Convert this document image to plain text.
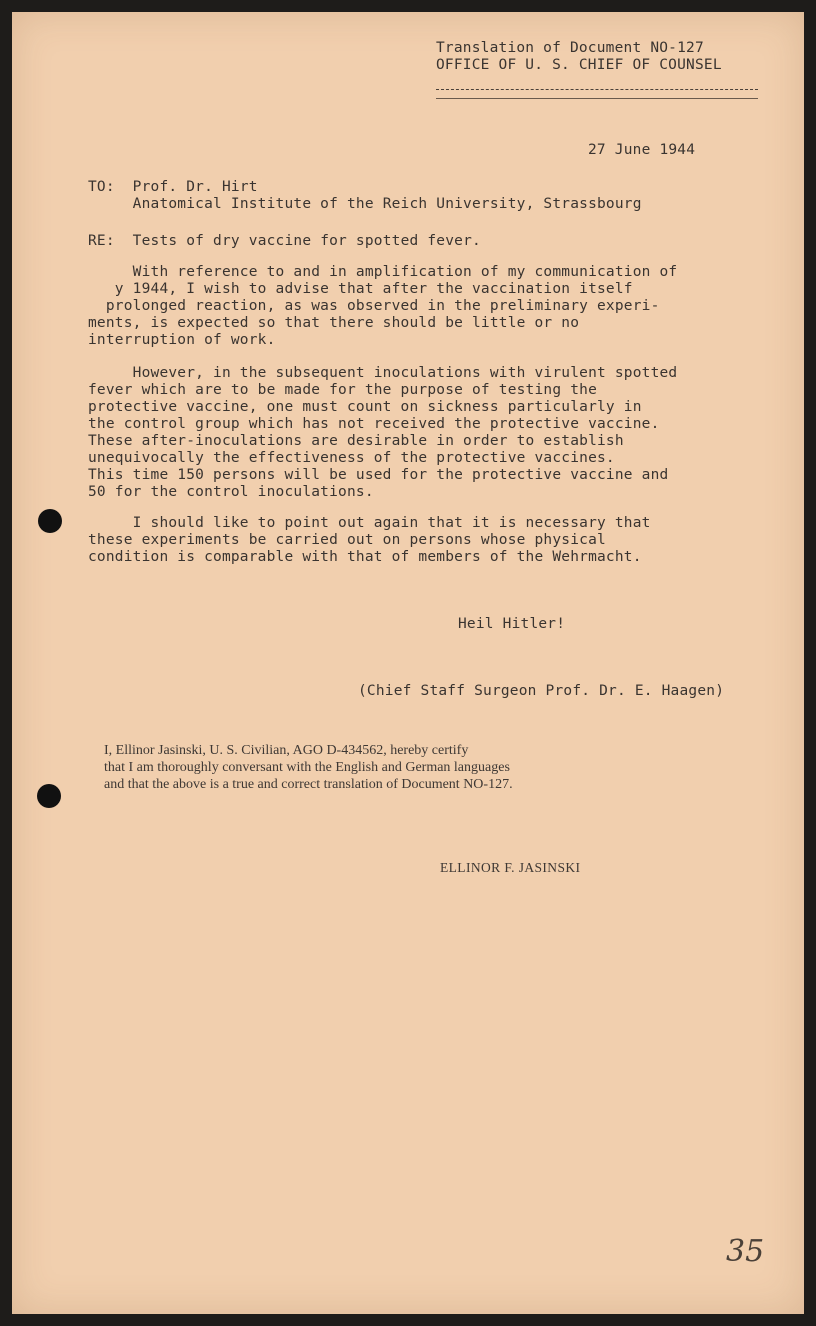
Translation of Document NO-127
OFFICE OF U. S. CHIEF OF COUNSEL
27 June 1944
TO: Prof. Dr. Hirt
Anatomical Institute of the Reich University, Strassbourg
RE: Tests of dry vaccine for spotted fever.
With reference to and in amplification of my communication of
y 1944, I wish to advise that after the vaccination itself
prolonged reaction, as was observed in the preliminary experi-
ments, is expected so that there should be little or no
interruption of work.
However, in the subsequent inoculations with virulent spotted
fever which are to be made for the purpose of testing the
protective vaccine, one must count on sickness particularly in
the control group which has not received the protective vaccine.
These after-inoculations are desirable in order to establish
unequivocally the effectiveness of the protective vaccines.
This time 150 persons will be used for the protective vaccine and
50 for the control inoculations.
I should like to point out again that it is necessary that
these experiments be carried out on persons whose physical
condition is comparable with that of members of the Wehrmacht.
Heil Hitler!
(Chief Staff Surgeon Prof. Dr. E. Haagen)
I, Ellinor Jasinski, U. S. Civilian, AGO D-434562, hereby certify
that I am thoroughly conversant with the English and German languages
and that the above is a true and correct translation of Document NO-127.
ELLINOR F. JASINSKI
35
